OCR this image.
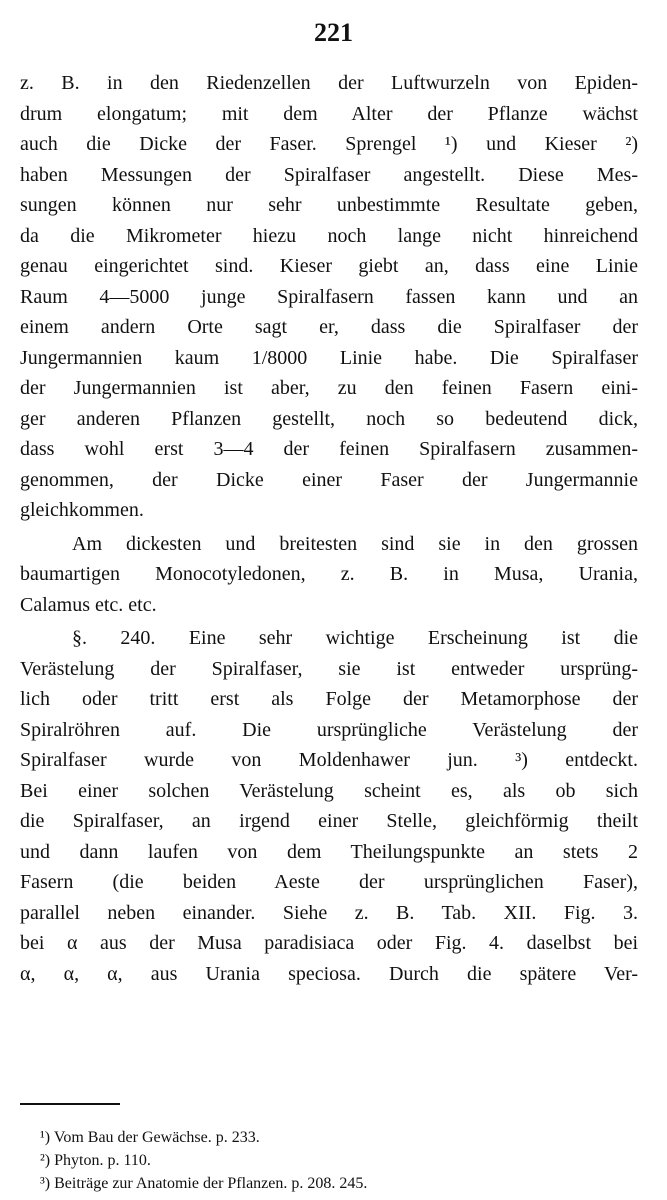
221
z. B. in den Riedenzellen der Luftwurzeln von Epiden-
drum elongatum; mit dem Alter der Pflanze wächst
auch die Dicke der Faser. Sprengel ¹) und Kieser ²)
haben Messungen der Spiralfaser angestellt. Diese Mes-
sungen können nur sehr unbestimmte Resultate geben,
da die Mikrometer hiezu noch lange nicht hinreichend
genau eingerichtet sind. Kieser giebt an, dass eine Linie
Raum 4—5000 junge Spiralfasern fassen kann und an
einem andern Orte sagt er, dass die Spiralfaser der
Jungermannien kaum 1/8000 Linie habe. Die Spiralfaser
der Jungermannien ist aber, zu den feinen Fasern eini-
ger anderen Pflanzen gestellt, noch so bedeutend dick,
dass wohl erst 3—4 der feinen Spiralfasern zusammen-
genommen, der Dicke einer Faser der Jungermannie
gleichkommen.
Am dickesten und breitesten sind sie in den grossen
baumartigen Monocotyledonen, z. B. in Musa, Urania,
Calamus etc. etc.
§. 240. Eine sehr wichtige Erscheinung ist die
Verästelung der Spiralfaser, sie ist entweder ursprüng-
lich oder tritt erst als Folge der Metamorphose der
Spiralröhren auf. Die ursprüngliche Verästelung der
Spiralfaser wurde von Moldenhawer jun. ³) entdeckt.
Bei einer solchen Verästelung scheint es, als ob sich
die Spiralfaser, an irgend einer Stelle, gleichförmig theilt
und dann laufen von dem Theilungspunkte an stets 2
Fasern (die beiden Aeste der ursprünglichen Faser),
parallel neben einander. Siehe z. B. Tab. XII. Fig. 3.
bei α aus der Musa paradisiaca oder Fig. 4. daselbst bei
α, α, α, aus Urania speciosa. Durch die spätere Ver-
¹) Vom Bau der Gewächse. p. 233.
²) Phyton. p. 110.
³) Beiträge zur Anatomie der Pflanzen. p. 208. 245.
